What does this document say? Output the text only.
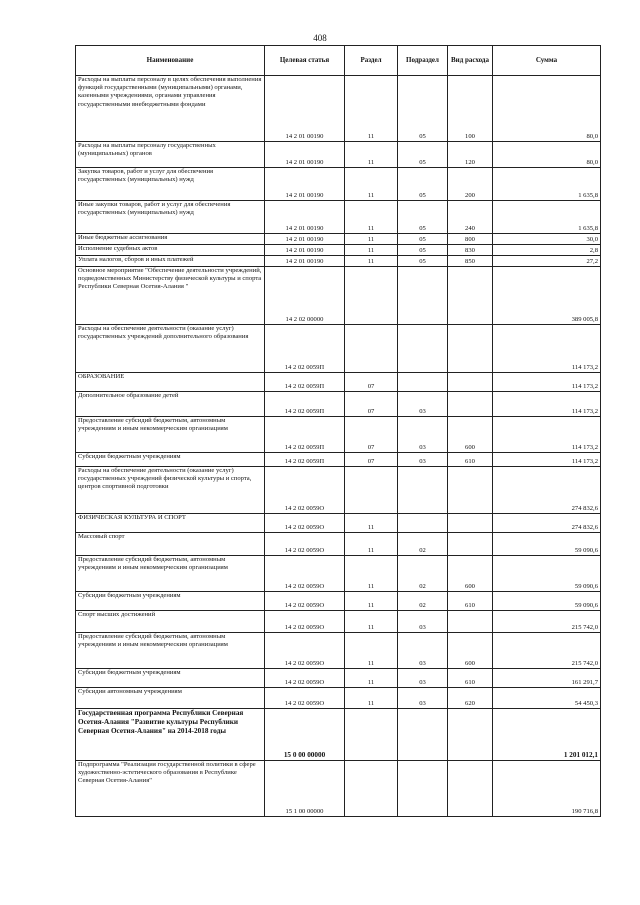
408
Наименование	Целевая статья	Раздел	Подраздел	Вид расхода	Сумма
Расходы на выплаты персоналу в целях обеспечения выполнения функций государственными (муниципальными) органами, казенными учреждениями, органами управления государственными внебюджетными фондами	14 2 01 00190	11	05	100	80,0
Расходы на выплаты персоналу государственных (муниципальных) органов	14 2 01 00190	11	05	120	80,0
Закупка товаров, работ и услуг для обеспечения государственных (муниципальных) нужд	14 2 01 00190	11	05	200	1 635,8
Иные закупки товаров, работ и услуг для обеспечения государственных (муниципальных) нужд	14 2 01 00190	11	05	240	1 635,8
Иные бюджетные ассигнования	14 2 01 00190	11	05	800	30,0
Исполнение судебных актов	14 2 01 00190	11	05	830	2,8
Уплата налогов, сборов и иных платежей	14 2 01 00190	11	05	850	27,2
Основное мероприятие "Обеспечение деятельности учреждений, подведомственных Министерству физической культуры и спорта Республики Северная Осетия-Алания "	14 2 02 00000				389 005,8
Расходы на обеспечение деятельности (оказание услуг) государственных учреждений дополнительного образования	14 2 02 0059П				114 173,2
ОБРАЗОВАНИЕ	14 2 02 0059П	07			114 173,2
Дополнительное образование детей	14 2 02 0059П	07	03		114 173,2
Предоставление субсидий бюджетным, автономным учреждениям и иным некоммерческим организациям	14 2 02 0059П	07	03	600	114 173,2
Субсидии бюджетным учреждениям	14 2 02 0059П	07	03	610	114 173,2
Расходы на обеспечение деятельности (оказание услуг) государственных учреждений физической культуры и спорта, центров спортивной подготовки	14 2 02 0059О				274 832,6
ФИЗИЧЕСКАЯ КУЛЬТУРА И СПОРТ	14 2 02 0059О	11			274 832,6
Массовый спорт	14 2 02 0059О	11	02		59 090,6
Предоставление субсидий бюджетным, автономным учреждениям и иным некоммерческим организациям	14 2 02 0059О	11	02	600	59 090,6
Субсидии бюджетным учреждениям	14 2 02 0059О	11	02	610	59 090,6
Спорт высших достижений	14 2 02 0059О	11	03		215 742,0
Предоставление субсидий бюджетным, автономным учреждениям и иным некоммерческим организациям	14 2 02 0059О	11	03	600	215 742,0
Субсидии бюджетным учреждениям	14 2 02 0059О	11	03	610	161 291,7
Субсидии автономным учреждениям	14 2 02 0059О	11	03	620	54 450,3
Государственная программа Республики Северная Осетия-Алания "Развитие культуры Республики Северная Осетия-Алания" на 2014-2018 годы	15 0 00 00000				1 201 012,1
Подпрограмма "Реализация государственной политики в сфере художественно-эстетического образования в Республике Северная Осетия-Алания"	15 1 00 00000				190 716,8
